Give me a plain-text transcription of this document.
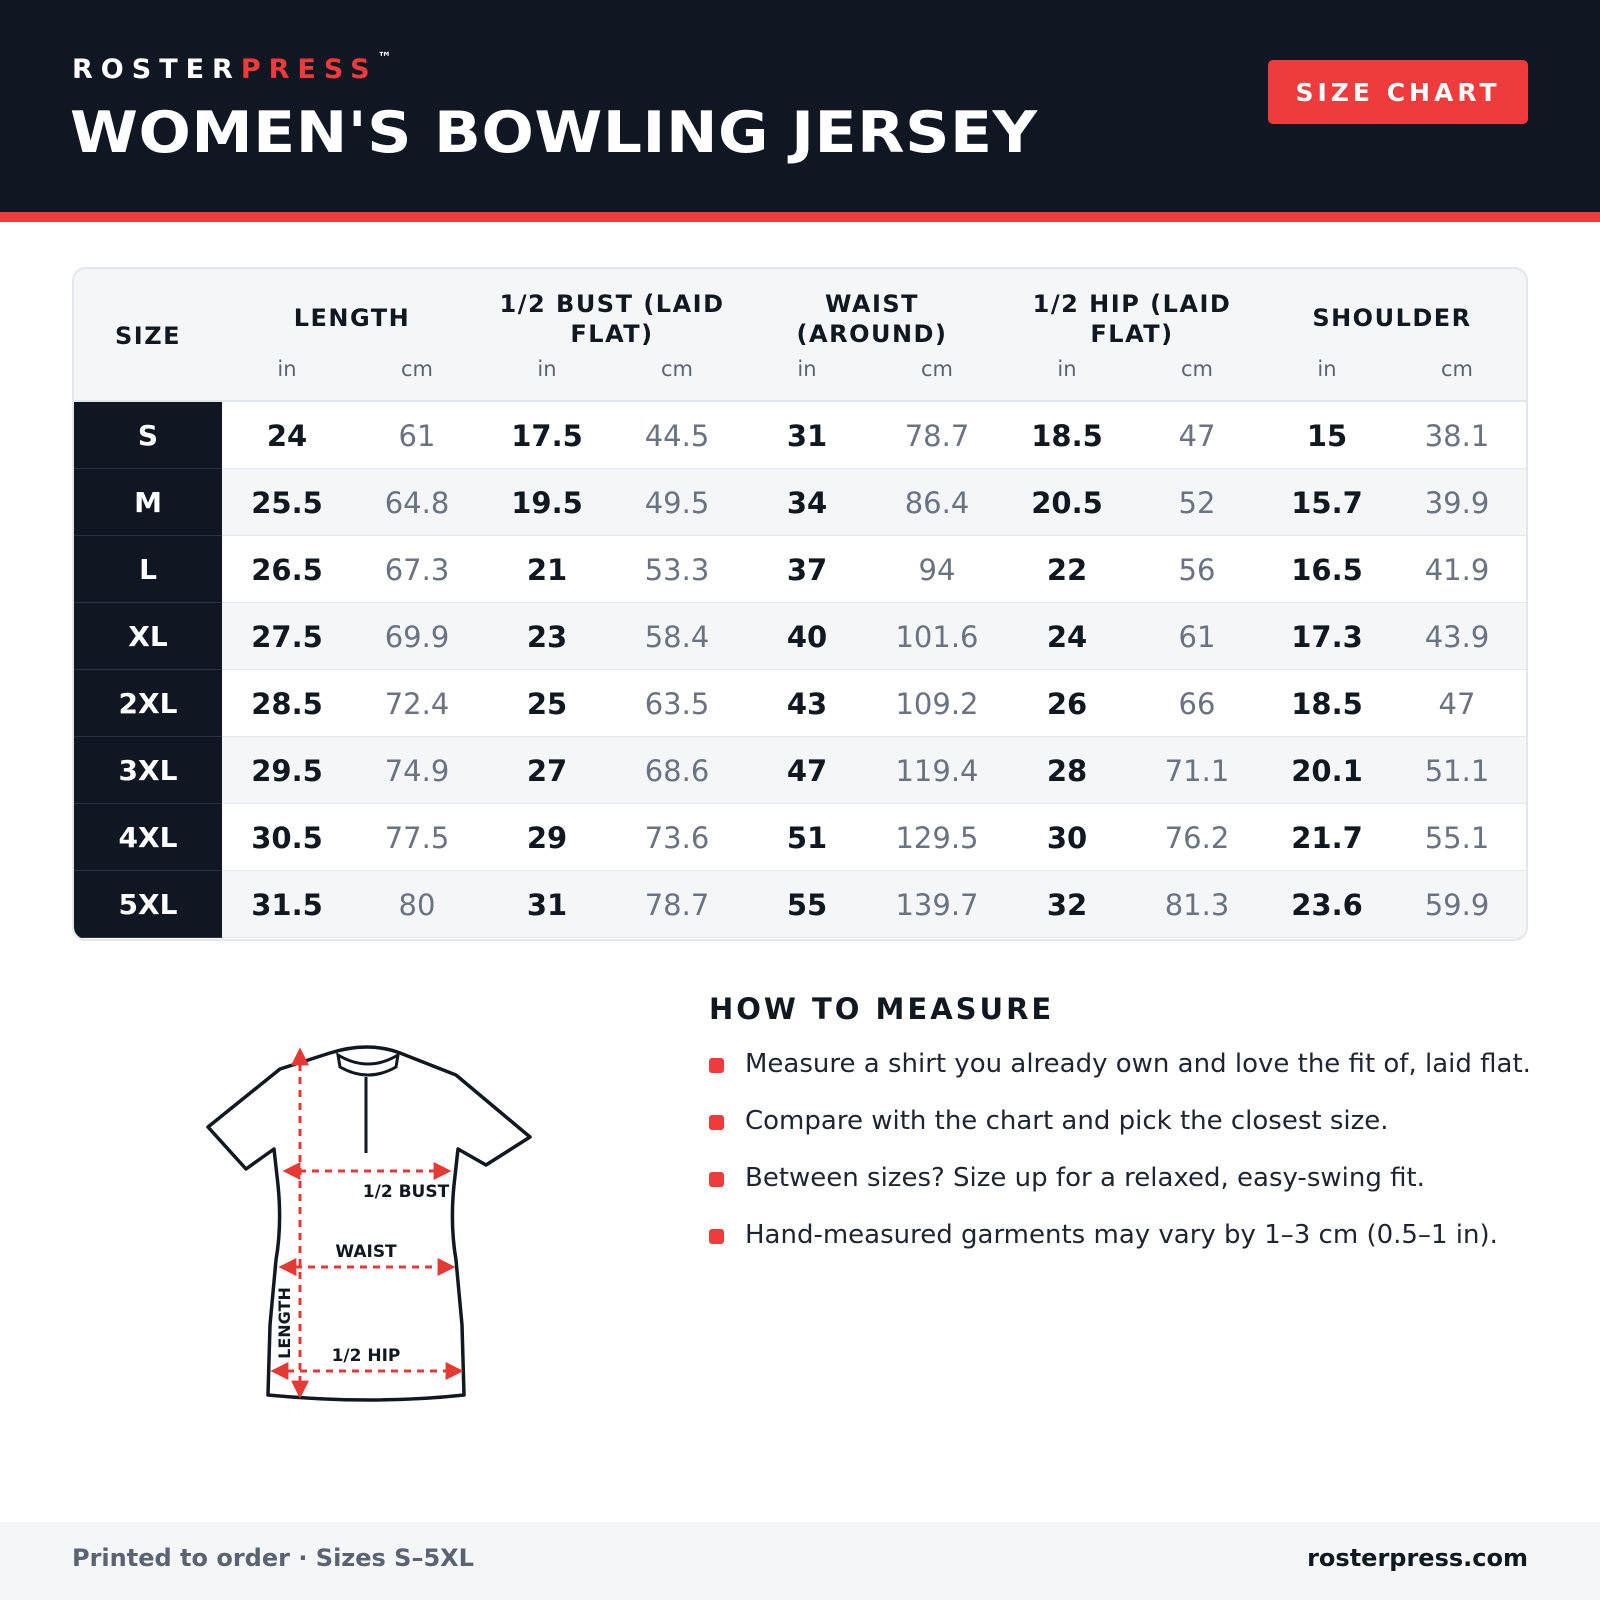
ROSTERPRESS™
WOMEN'S BOWLING JERSEY
SIZE CHART
SIZE
LENGTH
in	cm
1/2 BUST (LAID
FLAT)
in	cm
WAIST
(AROUND)
in	cm
1/2 HIP (LAID
FLAT)
in	cm
SHOULDER
in	cm
S	24	61	17.5	44.5	31	78.7	18.5	47	15	38.1
M	25.5	64.8	19.5	49.5	34	86.4	20.5	52	15.7	39.9
L	26.5	67.3	21	53.3	37	94	22	56	16.5	41.9
XL	27.5	69.9	23	58.4	40	101.6	24	61	17.3	43.9
2XL	28.5	72.4	25	63.5	43	109.2	26	66	18.5	47
3XL	29.5	74.9	27	68.6	47	119.4	28	71.1	20.1	51.1
4XL	30.5	77.5	29	73.6	51	129.5	30	76.2	21.7	55.1
5XL	31.5	80	31	78.7	55	139.7	32	81.3	23.6	59.9
1/2 BUST
WAIST
1/2 HIP
LENGTH
HOW TO MEASURE
Measure a shirt you already own and love the fit of, laid flat.
Compare with the chart and pick the closest size.
Between sizes? Size up for a relaxed, easy-swing fit.
Hand-measured garments may vary by 1–3 cm (0.5–1 in).
Printed to order · Sizes S–5XL	rosterpress.com
